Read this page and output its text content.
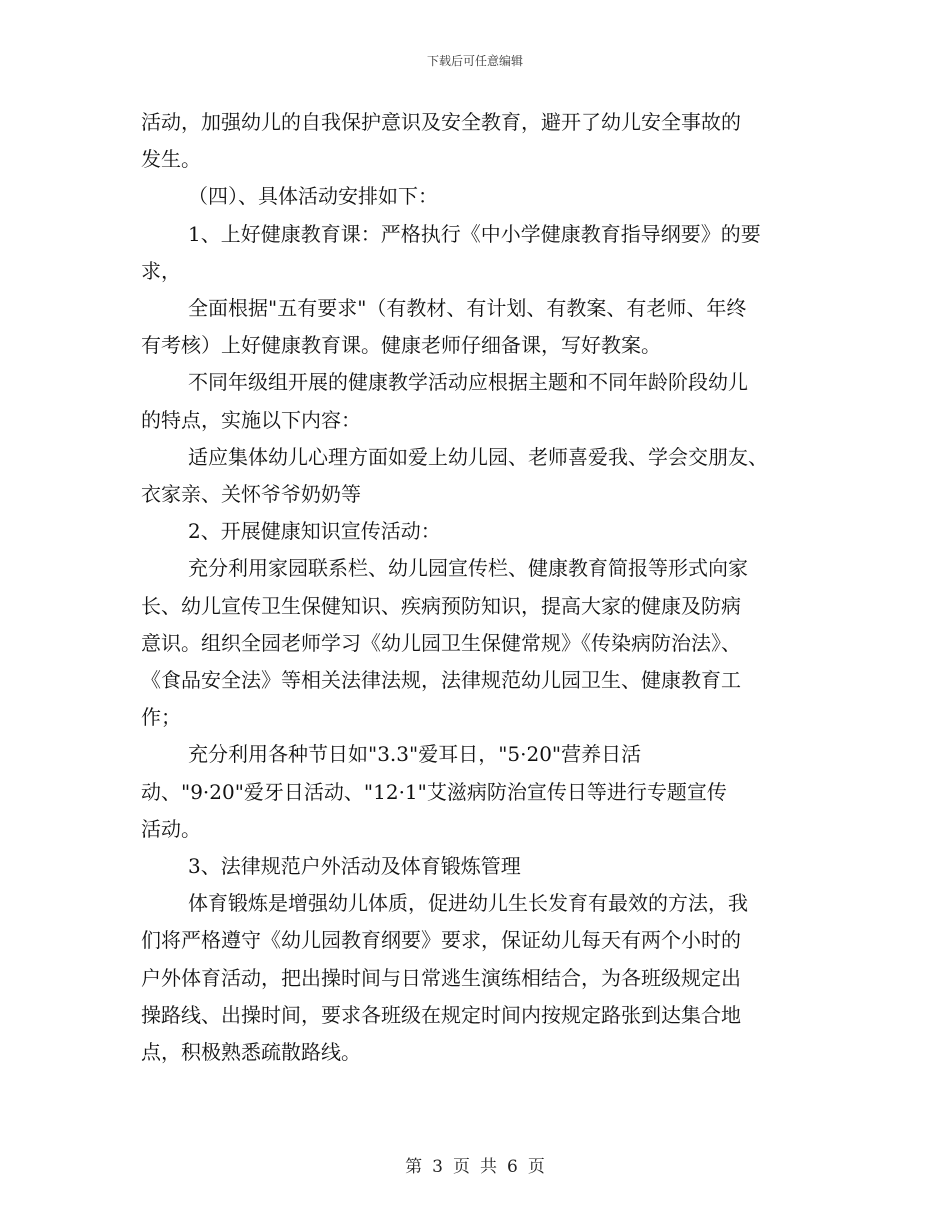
下载后可任意编辑

活动，加强幼儿的自我保护意识及安全教育，避开了幼儿安全事故的

发生。

（四）、具体活动安排如下：

1、上好健康教育课：严格执行《中小学健康教育指导纲要》的要

求，

全面根据"五有要求"（有教材、有计划、有教案、有老师、年终

有考核）上好健康教育课。健康老师仔细备课，写好教案。

不同年级组开展的健康教学活动应根据主题和不同年龄阶段幼儿

的特点，实施以下内容：

适应集体幼儿心理方面如爱上幼儿园、老师喜爱我、学会交朋友、

衣家亲、关怀爷爷奶奶等

2、开展健康知识宣传活动：

充分利用家园联系栏、幼儿园宣传栏、健康教育简报等形式向家

长、幼儿宣传卫生保健知识、疾病预防知识，提高大家的健康及防病

意识。组织全园老师学习《幼儿园卫生保健常规》《传染病防治法》、

《食品安全法》等相关法律法规，法律规范幼儿园卫生、健康教育工

作；

充分利用各种节日如"3.3"爱耳日，"5·20"营养日活

动、"9·20"爱牙日活动、"12·1"艾滋病防治宣传日等进行专题宣传

活动。

3、法律规范户外活动及体育锻炼管理

体育锻炼是增强幼儿体质，促进幼儿生长发育有最效的方法，我

们将严格遵守《幼儿园教育纲要》要求，保证幼儿每天有两个小时的

户外体育活动，把出操时间与日常逃生演练相结合，为各班级规定出

操路线、出操时间，要求各班级在规定时间内按规定路张到达集合地

点，积极熟悉疏散路线。

第 3 页 共 6 页
